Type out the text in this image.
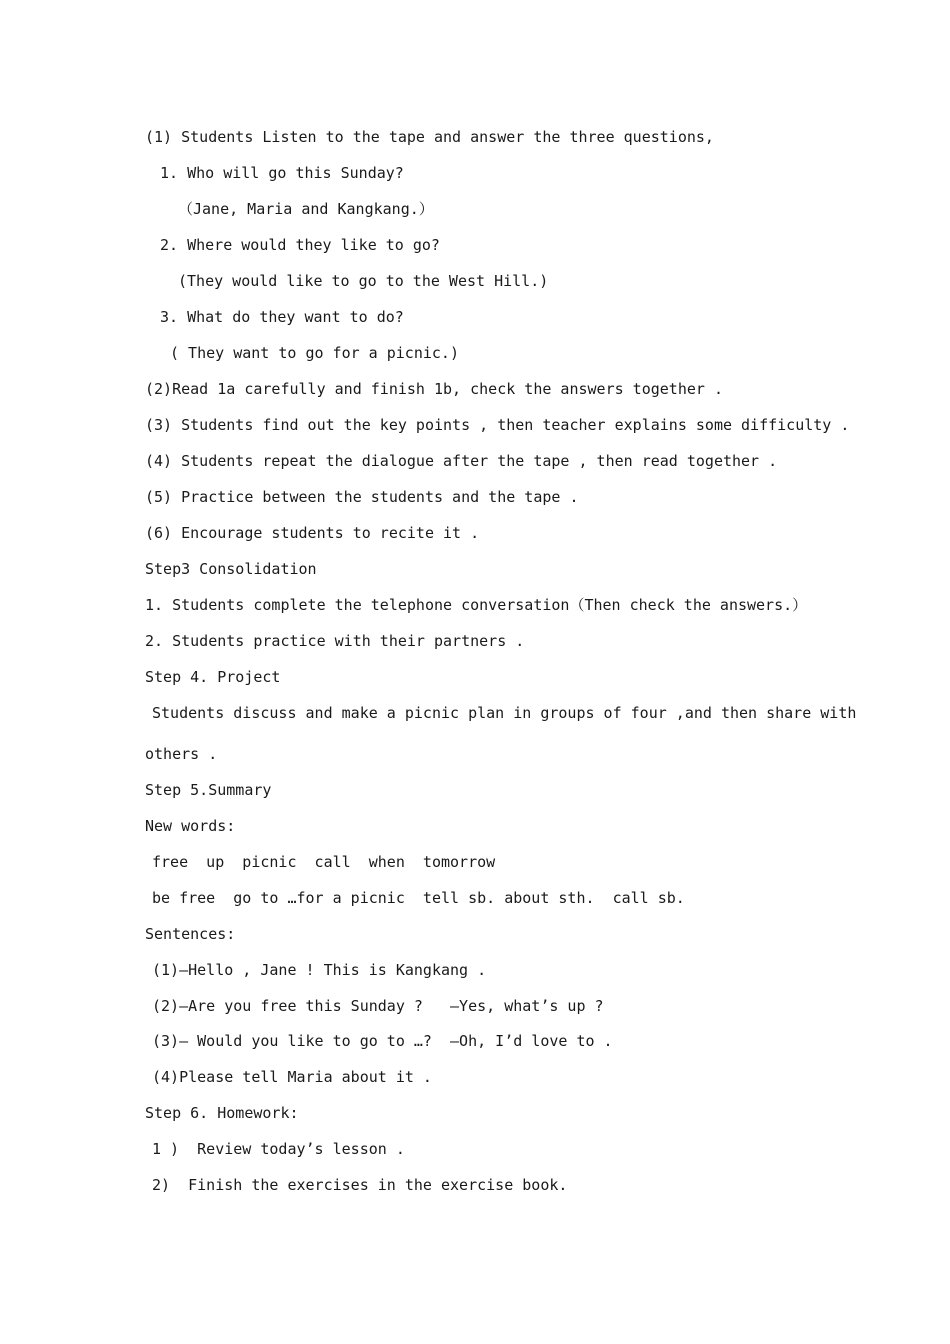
(1) Students Listen to the tape and answer the three questions,
1. Who will go this Sunday?
（Jane, Maria and Kangkang.）
2. Where would they like to go?
(They would like to go to the West Hill.)
3. What do they want to do?
( They want to go for a picnic.)
(2)Read 1a carefully and finish 1b, check the answers together .
(3) Students find out the key points , then teacher explains some difficulty .
(4) Students repeat the dialogue after the tape , then read together .
(5) Practice between the students and the tape .
(6) Encourage students to recite it .
Step3 Consolidation
1. Students complete the telephone conversation（Then check the answers.）
2. Students practice with their partners .
Step 4. Project
Students discuss and make a picnic plan in groups of four ,and then share with
others .
Step 5.Summary
New words:
free  up  picnic  call  when  tomorrow
be free  go to …for a picnic  tell sb. about sth.  call sb.
Sentences:
(1)—Hello , Jane ! This is Kangkang .
(2)—Are you free this Sunday ?   —Yes, what’s up ?
(3)— Would you like to go to …?  —Oh, I’d love to .
(4)Please tell Maria about it .
Step 6. Homework:
1 )  Review today’s lesson .
2)  Finish the exercises in the exercise book.
